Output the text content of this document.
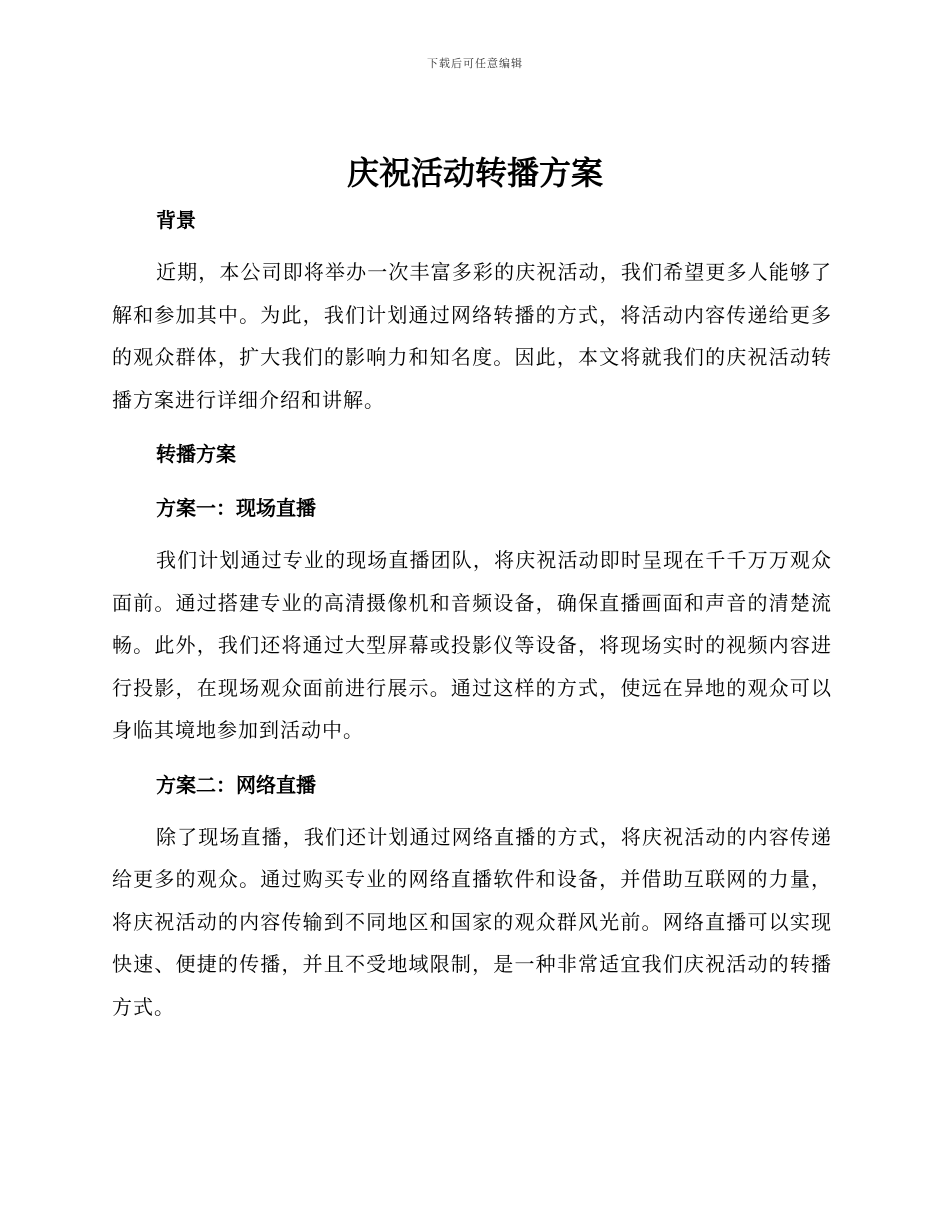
下载后可任意编辑
庆祝活动转播方案
背景

近期，本公司即将举办一次丰富多彩的庆祝活动，我们希望更多人能够了解和参加其中。为此，我们计划通过网络转播的方式，将活动内容传递给更多的观众群体，扩大我们的影响力和知名度。因此，本文将就我们的庆祝活动转播方案进行详细介绍和讲解。

转播方案
方案一：现场直播

我们计划通过专业的现场直播团队，将庆祝活动即时呈现在千千万万观众面前。通过搭建专业的高清摄像机和音频设备，确保直播画面和声音的清楚流畅。此外，我们还将通过大型屏幕或投影仪等设备，将现场实时的视频内容进行投影，在现场观众面前进行展示。通过这样的方式，使远在异地的观众可以身临其境地参加到活动中。

方案二：网络直播

除了现场直播，我们还计划通过网络直播的方式，将庆祝活动的内容传递给更多的观众。通过购买专业的网络直播软件和设备，并借助互联网的力量，将庆祝活动的内容传输到不同地区和国家的观众群风光前。网络直播可以实现快速、便捷的传播，并且不受地域限制，是一种非常适宜我们庆祝活动的转播方式。
